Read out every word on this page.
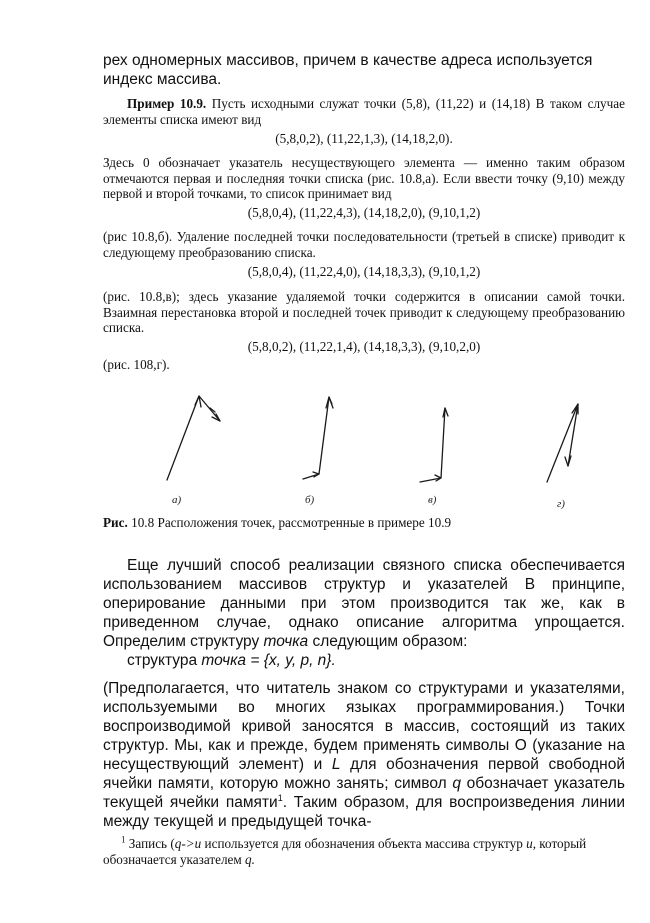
рех одномерных массивов, причем в качестве адреса используется
индекс массива.

Пример 10.9. Пусть исходными служат точки (5,8), (11,22) и (14,18) В таком случае элементы списка имеют вид

(5,8,0,2), (11,22,1,3), (14,18,2,0).

Здесь 0 обозначает указатель несуществующего элемента — именно таким образом отмечаются первая и последняя точки списка (рис. 10.8,а). Если ввести точку (9,10) между первой и второй точками, то список принимает вид

(5,8,0,4), (11,22,4,3), (14,18,2,0), (9,10,1,2)

(рис 10.8,б). Удаление последней точки последовательности (третьей в списке) приводит к следующему преобразованию списка.

(5,8,0,4), (11,22,4,0), (14,18,3,3), (9,10,1,2)

(рис. 10.8,в); здесь указание удаляемой точки содержится в описании самой точки. Взаимная перестановка второй и последней точек приводит к следующему преобразованию списка.

(5,8,0,2), (11,22,1,4), (14,18,3,3), (9,10,2,0)

(рис. 108,г).

а)	б)	в)	г)

Рис. 10.8 Расположения точек, рассмотренные в примере 10.9

Еще лучший способ реализации связного списка обеспечивается использованием массивов структур и указателей В принципе, оперирование данными при этом производится так же, как в приведенном случае, однако описание алгоритма упрощается. Определим структуру точка следующим образом:

структура точка = {x, y, p, n}.

(Предполагается, что читатель знаком со структурами и указателями, используемыми во многих языках программирования.) Точки воспроизводимой кривой заносятся в массив, состоящий из таких структур. Мы, как и прежде, будем применять символы O (указание на несуществующий элемент) и L для обозначения первой свободной ячейки памяти, которую можно занять; символ q обозначает указатель текущей ячейки памяти$^1$. Таким образом, для воспроизведения линии между текущей и предыдущей точка-

$^1$ Запись (q->u используется для обозначения объекта массива структур u, который обозначается указателем q.
